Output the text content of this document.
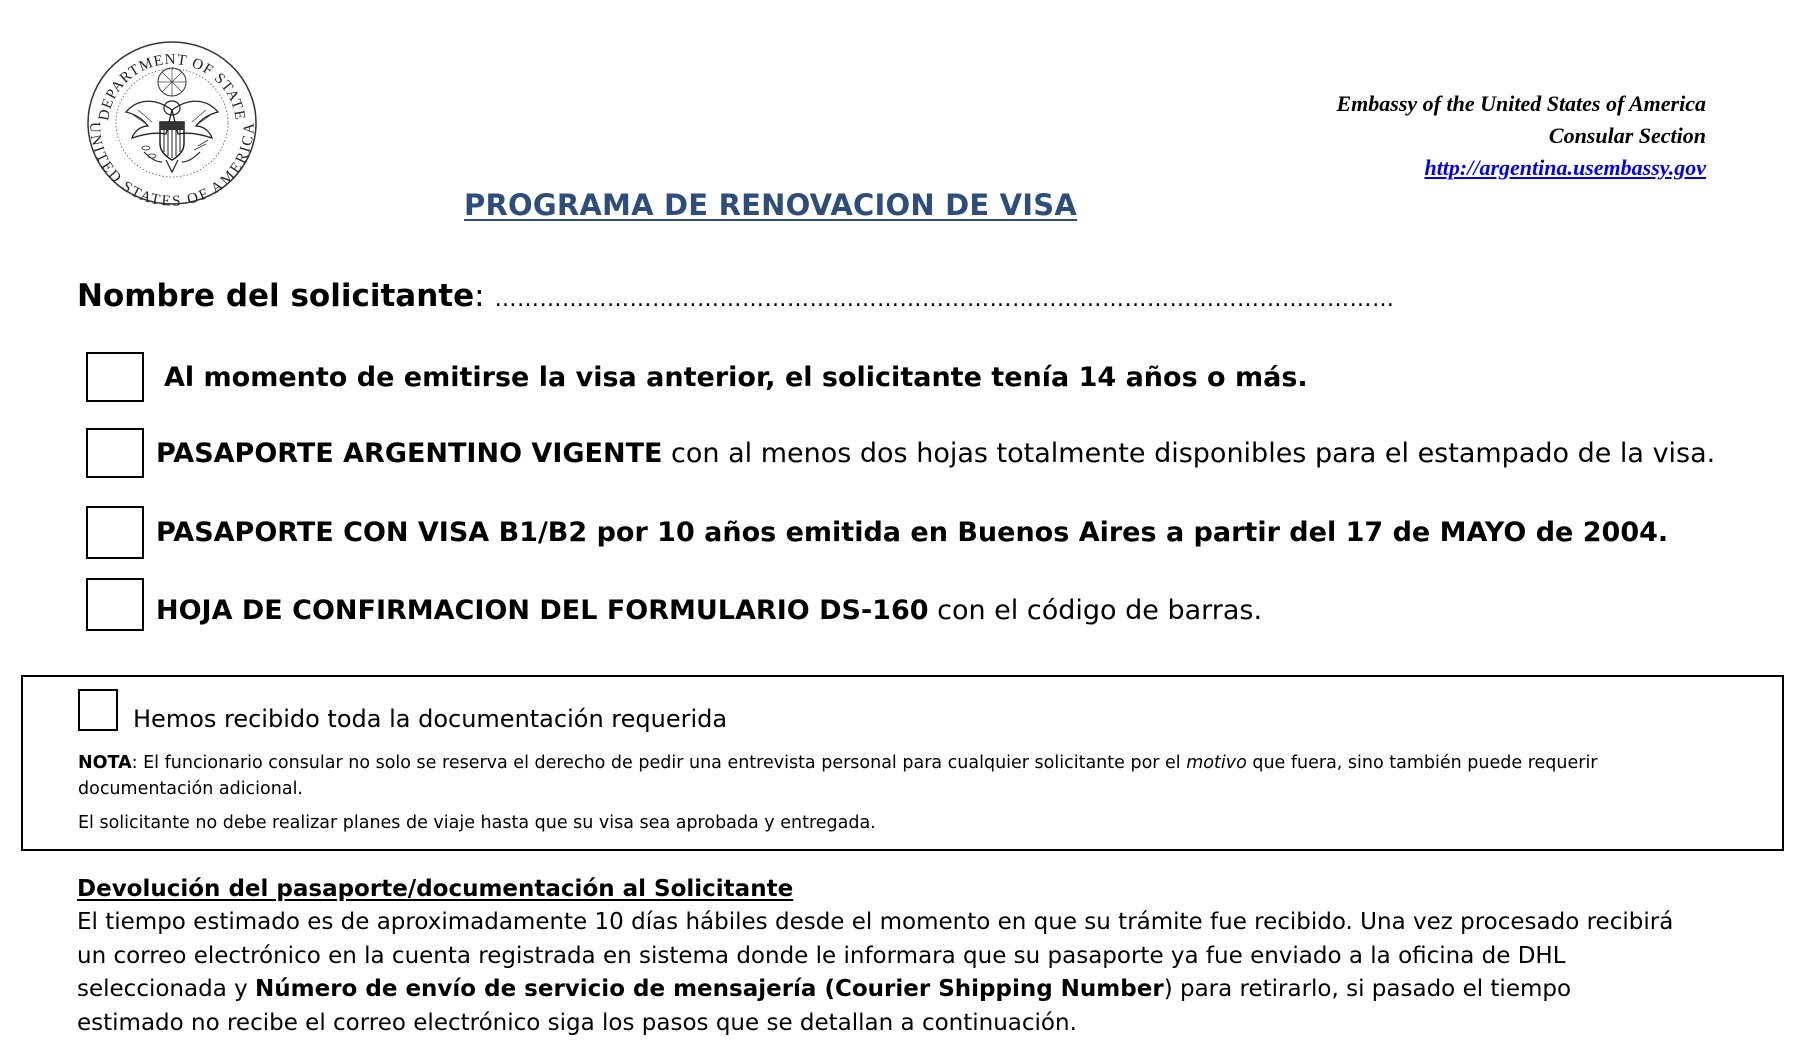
DEPARTMENT OF STATE
UNITED STATES OF AMERICA
Embassy of the United States of America
Consular Section
http://argentina.usembassy.gov
PROGRAMA DE RENOVACION DE VISA
Nombre del solicitante: …………………………………………………………………………………………………………
Al momento de emitirse la visa anterior, el solicitante tenía 14 años o más.
PASAPORTE ARGENTINO VIGENTE con al menos dos hojas totalmente disponibles para el estampado de la visa.
PASAPORTE CON VISA B1/B2 por 10 años emitida en Buenos Aires a partir del 17 de MAYO de 2004.
HOJA DE CONFIRMACION DEL FORMULARIO DS-160 con el código de barras.
Hemos recibido toda la documentación requerida
NOTA: El funcionario consular no solo se reserva el derecho de pedir una entrevista personal para cualquier solicitante por el motivo que fuera, sino también puede requerir documentación adicional.
El solicitante no debe realizar planes de viaje hasta que su visa sea aprobada y entregada.
Devolución del pasaporte/documentación al Solicitante
El tiempo estimado es de aproximadamente 10 días hábiles desde el momento en que su trámite fue recibido. Una vez procesado recibirá un correo electrónico en la cuenta registrada en sistema donde le informara que su pasaporte ya fue enviado a la oficina de DHL seleccionada y Número de envío de servicio de mensajería (Courier Shipping Number) para retirarlo, si pasado el tiempo estimado no recibe el correo electrónico siga los pasos que se detallan a continuación.
